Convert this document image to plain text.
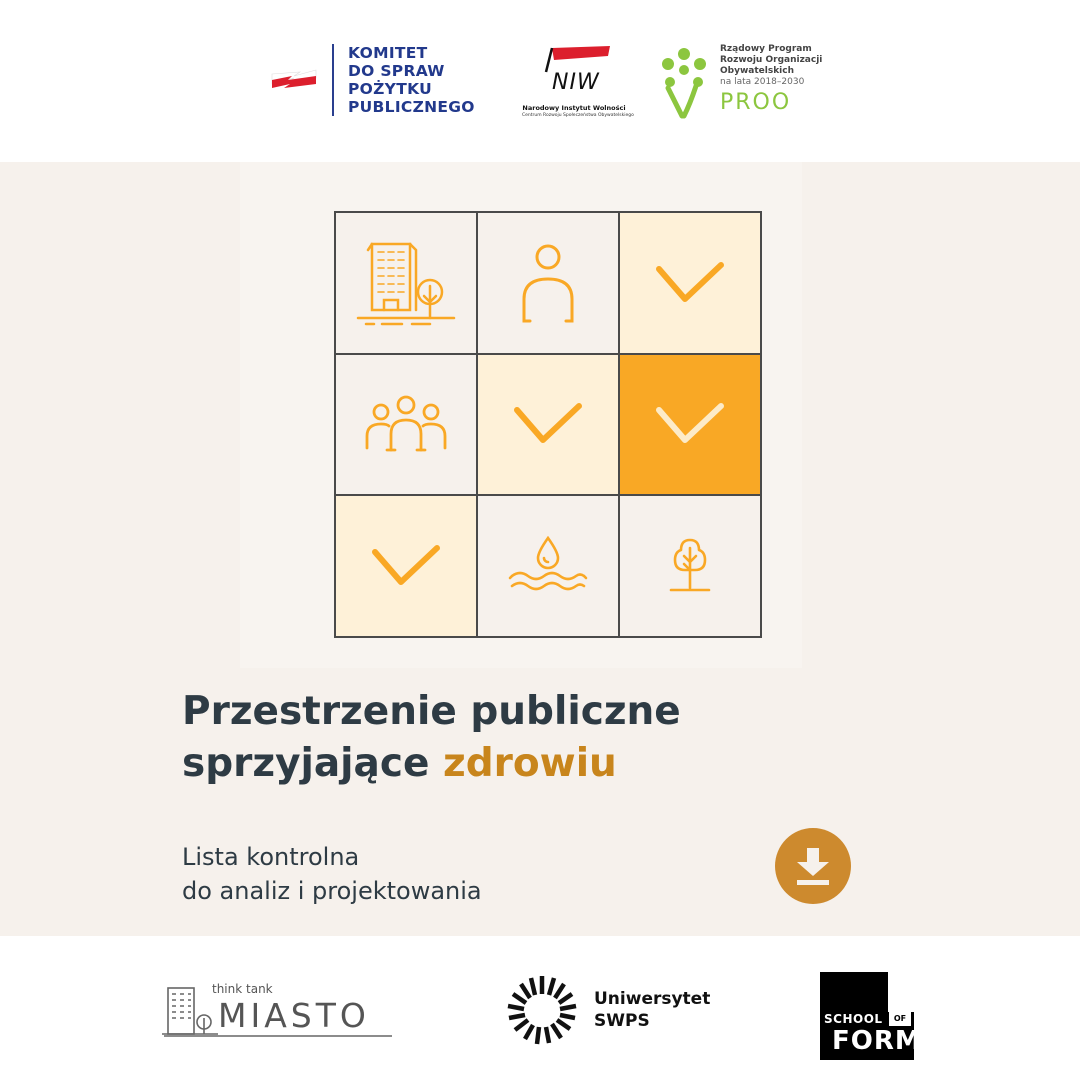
KOMITET
DO SPRAW
POŻYTKU
PUBLICZNEGO
NIW
Narodowy Instytut Wolności
Centrum Rozwoju Społeczeństwa Obywatelskiego
Rządowy Program
Rozwoju Organizacji
Obywatelskich
na lata 2018–2030
PROO
Przestrzenie publiczne
sprzyjające zdrowiu
Lista kontrolna
do analiz i projektowania
think tank
MIASTO	Uniwersytet
SWPS	SCHOOL	OF
FORM
